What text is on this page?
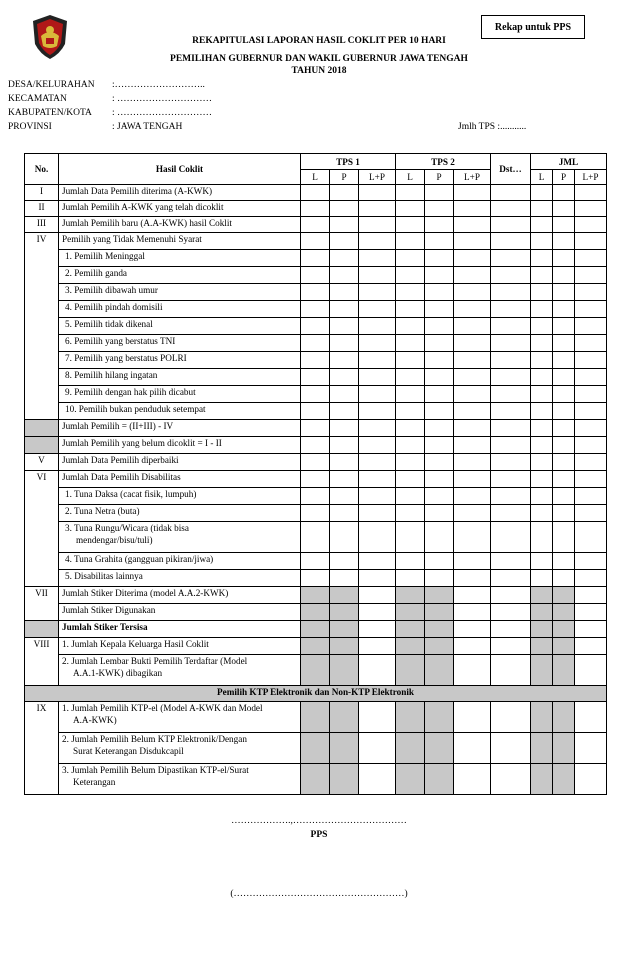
Rekap untuk PPS
REKAPITULASI LAPORAN HASIL COKLIT PER 10 HARI
PEMILIHAN GUBERNUR DAN WAKIL GUBERNUR JAWA TENGAH
TAHUN 2018
DESA/KELURAHAN :………………………..
KECAMATAN	: …………………………
KABUPATEN/KOTA : …………………………
PROVINSI	: JAWA TENGAH	Jmlh TPS :...........
No.	Hasil Coklit	TPS 1			TPS 2			Dst…	JML		
		L	P	L+P	L	P	L+P		L	P	L+P
I	Jumlah Data Pemilih diterima (A-KWK)										
II	Jumlah Pemilih A-KWK yang telah dicoklit										
III	Jumlah Pemilih baru (A.A-KWK) hasil Coklit										
IV	Pemilih yang Tidak Memenuhi Syarat										
	1. Pemilih Meninggal										
	2. Pemilih ganda										
	3. Pemilih dibawah umur										
	4. Pemilih pindah domisili										
	5. Pemilih tidak dikenal										
	6. Pemilih yang berstatus TNI										
	7. Pemilih yang berstatus POLRI										
	8. Pemilih hilang ingatan										
	9. Pemilih dengan hak pilih dicabut										
	10. Pemilih bukan penduduk setempat										
	Jumlah Pemilih = (II+III) - IV										
	Jumlah Pemilih yang belum dicoklit = I - II										
V	Jumlah Data Pemilih diperbaiki										
VI	Jumlah Data Pemilih Disabilitas										
	1. Tuna Daksa (cacat fisik, lumpuh)										
	2. Tuna Netra (buta)										

	3. Tuna Rungu/Wicara (tidak bisa
mendengar/bisu/tuli)										

	4. Tuna Grahita (gangguan pikiran/jiwa)										
	5. Disabilitas lainnya										
VII	Jumlah Stiker Diterima (model A.A.2-KWK)										
	Jumlah Stiker Digunakan										
	Jumlah Stiker Tersisa										
VIII	1. Jumlah Kepala Keluarga Hasil Coklit										

	2. Jumlah Lembar Bukti Pemilih Terdaftar (Model
A.A.1-KWK) dibagikan										

Pemilih KTP Elektronik dan Non-KTP Elektronik											
IX	1. Jumlah Pemilih KTP-el (Model A-KWK dan Model
A.A-KWK)										

	2. Jumlah Pemilih Belum KTP Elektronik/Dengan
Surat Keterangan Disdukcapil										

	3. Jumlah Pemilih Belum Dipastikan KTP-el/Surat
Keterangan										

……………….,………………………………
PPS
(………………………………………………)
